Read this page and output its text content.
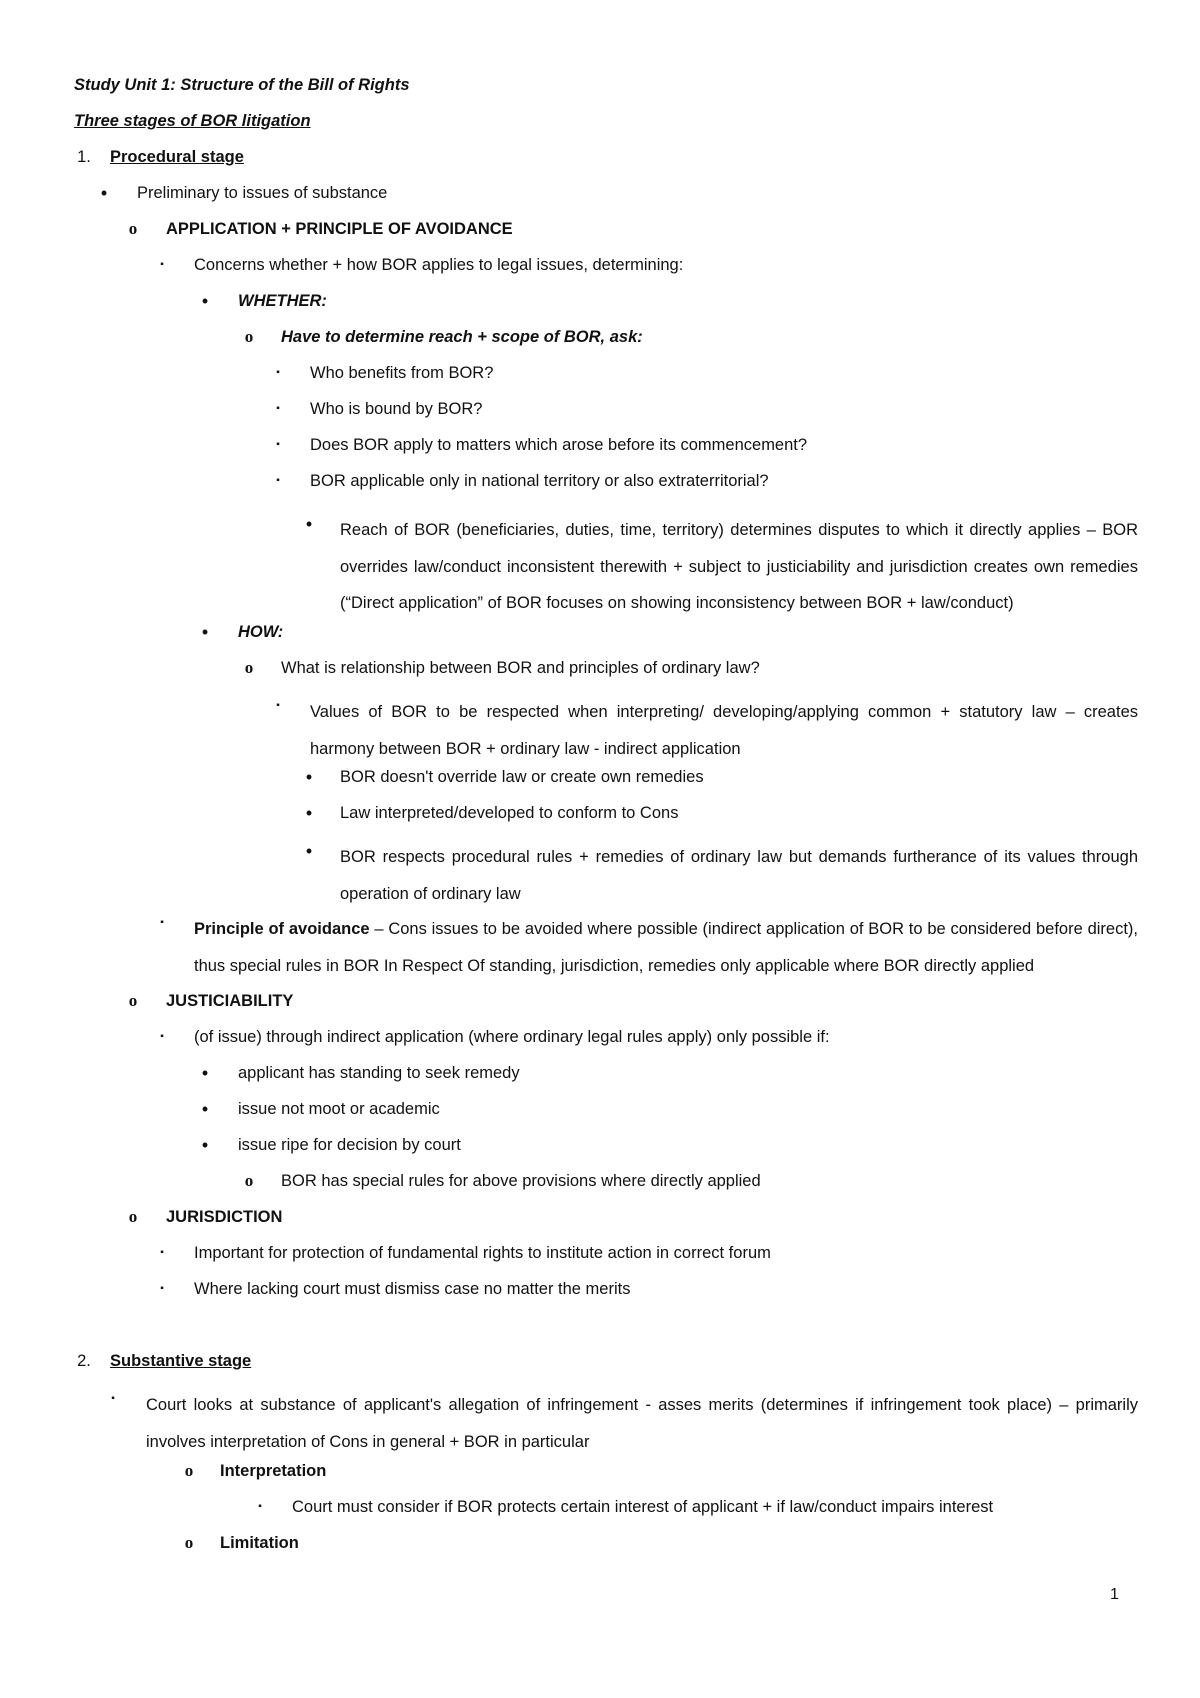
Study Unit 1: Structure of the Bill of Rights
Three stages of BOR litigation
1. Procedural stage
• Preliminary to issues of substance
o APPLICATION + PRINCIPLE OF AVOIDANCE
▪	Concerns whether + how BOR applies to legal issues, determining:
• WHETHER:
o Have to determine reach + scope of BOR, ask:
▪	Who benefits from BOR?
▪	Who is bound by BOR?
▪	Does BOR apply to matters which arose before its commencement?
▪	BOR applicable only in national territory or also extraterritorial?
• Reach of BOR (beneficiaries, duties, time, territory) determines disputes to which it directly applies – BOR overrides law/conduct inconsistent therewith + subject to justiciability and jurisdiction creates own remedies (“Direct application” of BOR focuses on showing inconsistency between BOR + law/conduct)
• HOW:
o What is relationship between BOR and principles of ordinary law?
▪	Values of BOR to be respected when interpreting/ developing/applying common + statutory law – creates harmony between BOR + ordinary law - indirect application
• BOR doesn't override law or create own remedies
• Law interpreted/developed to conform to Cons
• BOR respects procedural rules + remedies of ordinary law but demands furtherance of its values through operation of ordinary law
▪	Principle of avoidance – Cons issues to be avoided where possible (indirect application of BOR to be considered before direct), thus special rules in BOR In Respect Of standing, jurisdiction, remedies only applicable where BOR directly applied
o JUSTICIABILITY
▪	(of issue) through indirect application (where ordinary legal rules apply) only possible if:
• applicant has standing to seek remedy
• issue not moot or academic
• issue ripe for decision by court
o BOR has special rules for above provisions where directly applied
o JURISDICTION
▪	Important for protection of fundamental rights to institute action in correct forum
▪	Where lacking court must dismiss case no matter the merits
2. Substantive stage
▪	Court looks at substance of applicant's allegation of infringement - asses merits (determines if infringement took place) – primarily involves interpretation of Cons in general + BOR in particular
o Interpretation
▪	Court must consider if BOR protects certain interest of applicant + if law/conduct impairs interest
o Limitation
1
